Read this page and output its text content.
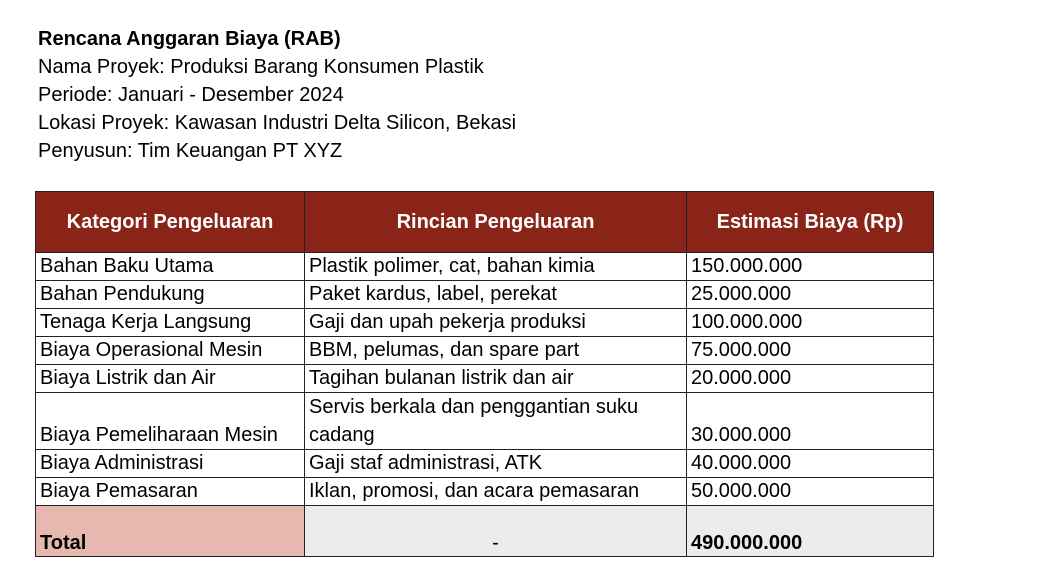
Rencana Anggaran Biaya (RAB)
Nama Proyek: Produksi Barang Konsumen Plastik
Periode: Januari - Desember 2024
Lokasi Proyek: Kawasan Industri Delta Silicon, Bekasi
Penyusun: Tim Keuangan PT XYZ
Kategori Pengeluaran	Rincian Pengeluaran	Estimasi Biaya (Rp)
Bahan Baku Utama	Plastik polimer, cat, bahan kimia	150.000.000
Bahan Pendukung	Paket kardus, label, perekat	25.000.000
Tenaga Kerja Langsung	Gaji dan upah pekerja produksi	100.000.000
Biaya Operasional Mesin	BBM, pelumas, dan spare part	75.000.000
Biaya Listrik dan Air	Tagihan bulanan listrik dan air	20.000.000
Biaya Pemeliharaan Mesin	Servis berkala dan penggantian suku cadang	30.000.000
Biaya Administrasi	Gaji staf administrasi, ATK	40.000.000
Biaya Pemasaran	Iklan, promosi, dan acara pemasaran	50.000.000
Total	-	490.000.000
